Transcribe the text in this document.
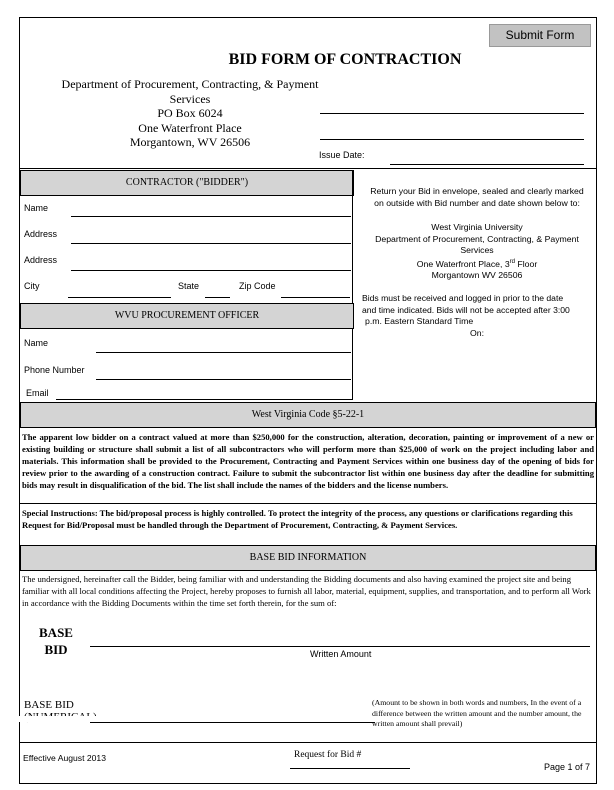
Submit Form
BID FORM OF CONTRACTION
Department of Procurement, Contracting, & Payment
Services
PO Box 6024
One Waterfront Place
Morgantown, WV 26506
Issue Date:
CONTRACTOR ("BIDDER")
Name
Address
Address
City	State	Zip Code
WVU PROCUREMENT OFFICER
Name
Phone Number
Email
Return your Bid in envelope, sealed and clearly marked
on outside with Bid number and date shown below to:
West Virginia University
Department of Procurement, Contracting, & Payment
Services
One Waterfront Place, 3rd Floor
Morgantown WV 26506
Bids must be received and logged in prior to the date
and time indicated. Bids will not be accepted after 3:00
p.m. Eastern Standard Time
On:
West Virginia Code §5-22-1
The apparent low bidder on a contract valued at more than $250,000 for the construction, alteration, decoration, painting or improvement of a new or existing building or structure shall submit a list of all subcontractors who will perform more than $25,000 of work on the project including labor and materials. This information shall be provided to the Procurement, Contracting and Payment Services within one business day of the opening of bids for review prior to the awarding of a construction contract. Failure to submit the subcontractor list within one business day after the deadline for submitting bids may result in disqualification of the bid. The list shall include the names of the bidders and the license numbers.
Special Instructions: The bid/proposal process is highly controlled. To protect the integrity of the process, any questions or clarifications regarding this Request for Bid/Proposal must be handled through the Department of Procurement, Contracting, & Payment Services.
BASE BID INFORMATION
The undersigned, hereinafter call the Bidder, being familiar with and understanding the Bidding documents and also having examined the project site and being familiar with all local conditions affecting the Project, hereby proposes to furnish all labor, material, equipment, supplies, and transportation, and to perform all Work in accordance with the Bidding Documents within the time set forth therein, for the sum of:
BASE
BID	Written Amount
BASE BID	(Amount to be shown in both words and numbers, In the event of a difference between the written amount and the number amount, the written amount shall prevail)
Effective August 2013	Request for Bid #
Page 1 of 7
